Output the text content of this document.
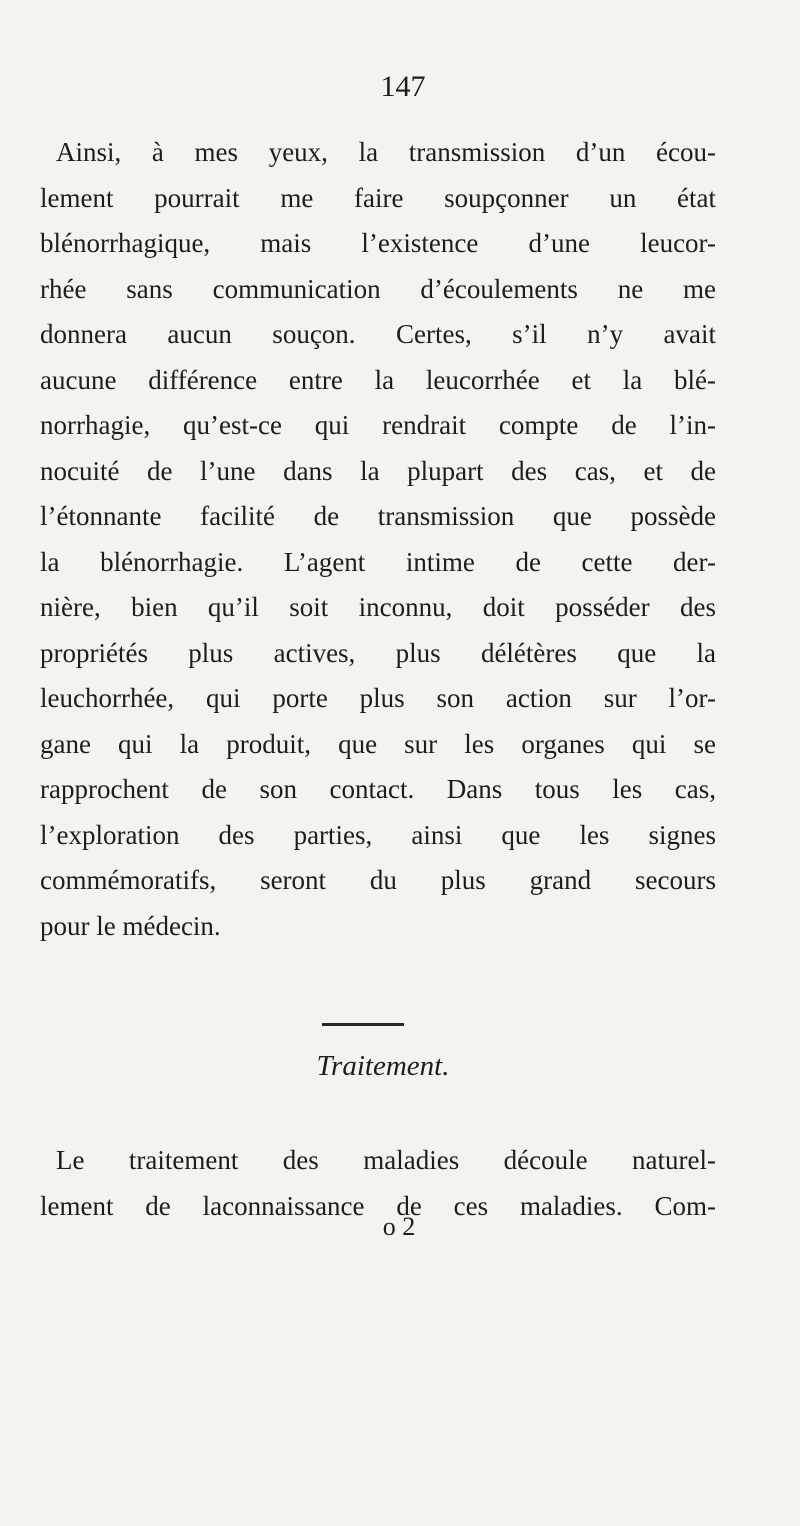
147
Ainsi, à mes yeux, la transmission d’un écou-
lement pourrait me faire soupçonner un état
blénorrhagique, mais l’existence d’une leucor-
rhée sans communication d’écoulements ne me
donnera aucun souçon. Certes, s’il n’y avait
aucune différence entre la leucorrhée et la blé-
norrhagie, qu’est-ce qui rendrait compte de l’in-
nocuité de l’une dans la plupart des cas, et de
l’étonnante facilité de transmission que possède
la blénorrhagie. L’agent intime de cette der-
nière, bien qu’il soit inconnu, doit posséder des
propriétés plus actives, plus délétères que la
leuchorrhée, qui porte plus son action sur l’or-
gane qui la produit, que sur les organes qui se
rapprochent de son contact. Dans tous les cas,
l’exploration des parties, ainsi que les signes
commémoratifs, seront du plus grand secours
pour le médecin.
Traitement.
Le traitement des maladies découle naturel-
lement de laconnaissance de ces maladies. Com-
o 2
